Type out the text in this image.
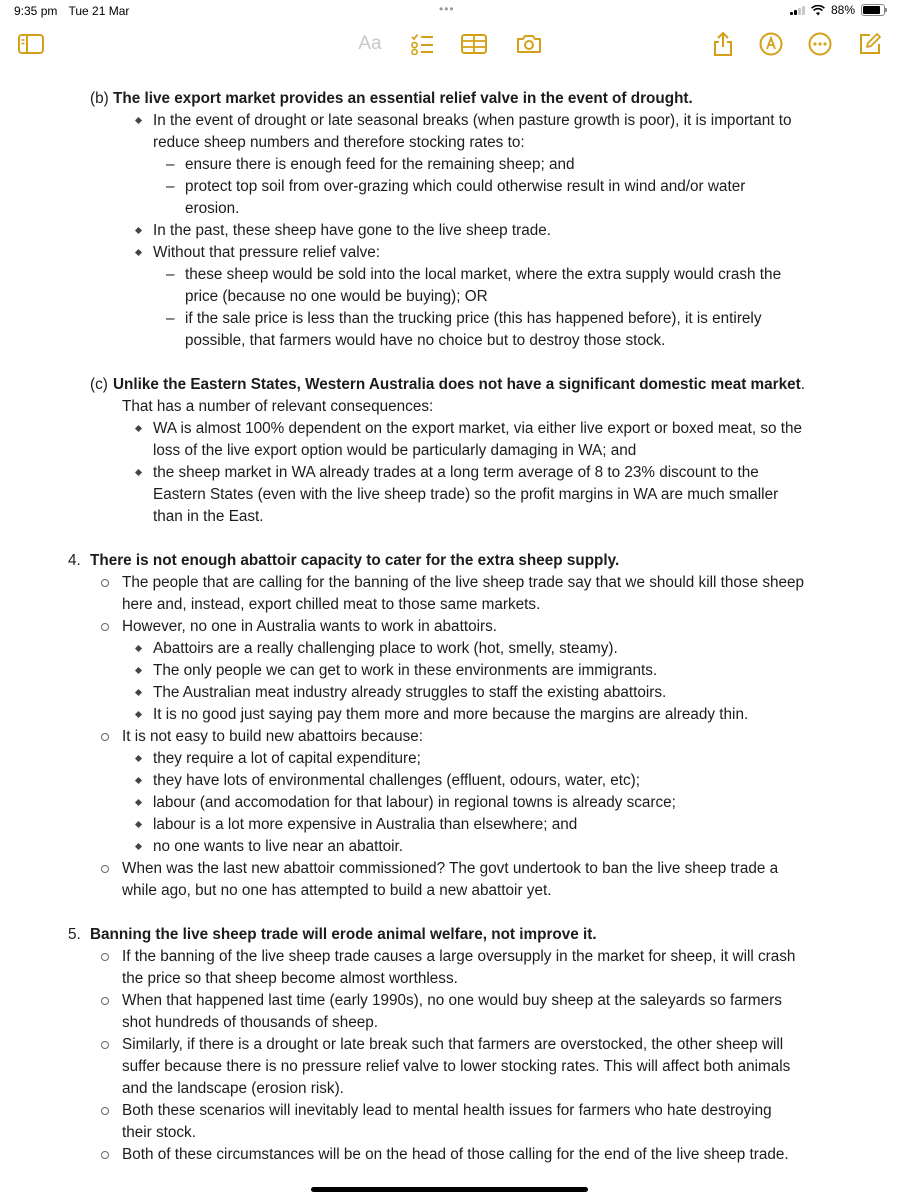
9:35 pm Tue 21 Mar	•••	88%
Aa
(b) The live export market provides an essential relief valve in the event of drought.
In the event of drought or late seasonal breaks (when pasture growth is poor), it is important to
reduce sheep numbers and therefore stocking rates to:
– ensure there is enough feed for the remaining sheep; and
– protect top soil from over-grazing which could otherwise result in wind and/or water
erosion.
In the past, these sheep have gone to the live sheep trade.
Without that pressure relief valve:
– these sheep would be sold into the local market, where the extra supply would crash the
price (because no one would be buying); OR
– if the sale price is less than the trucking price (this has happened before), it is entirely
possible, that farmers would have no choice but to destroy those stock.
(c) Unlike the Eastern States, Western Australia does not have a significant domestic meat market.
That has a number of relevant consequences:
WA is almost 100% dependent on the export market, via either live export or boxed meat, so the
loss of the live export option would be particularly damaging in WA; and
the sheep market in WA already trades at a long term average of 8 to 23% discount to the
Eastern States (even with the live sheep trade) so the profit margins in WA are much smaller
than in the East.
4. There is not enough abattoir capacity to cater for the extra sheep supply.
The people that are calling for the banning of the live sheep trade say that we should kill those sheep
here and, instead, export chilled meat to those same markets.
However, no one in Australia wants to work in abattoirs.
Abattoirs are a really challenging place to work (hot, smelly, steamy).
The only people we can get to work in these environments are immigrants.
The Australian meat industry already struggles to staff the existing abattoirs.
It is no good just saying pay them more and more because the margins are already thin.
It is not easy to build new abattoirs because:
they require a lot of capital expenditure;
they have lots of environmental challenges (effluent, odours, water, etc);
labour (and accomodation for that labour) in regional towns is already scarce;
labour is a lot more expensive in Australia than elsewhere; and
no one wants to live near an abattoir.
When was the last new abattoir commissioned? The govt undertook to ban the live sheep trade a
while ago, but no one has attempted to build a new abattoir yet.
5. Banning the live sheep trade will erode animal welfare, not improve it.
If the banning of the live sheep trade causes a large oversupply in the market for sheep, it will crash
the price so that sheep become almost worthless.
When that happened last time (early 1990s), no one would buy sheep at the saleyards so farmers
shot hundreds of thousands of sheep.
Similarly, if there is a drought or late break such that farmers are overstocked, the other sheep will
suffer because there is no pressure relief valve to lower stocking rates. This will affect both animals
and the landscape (erosion risk).
Both these scenarios will inevitably lead to mental health issues for farmers who hate destroying
their stock.
Both of these circumstances will be on the head of those calling for the end of the live sheep trade.
